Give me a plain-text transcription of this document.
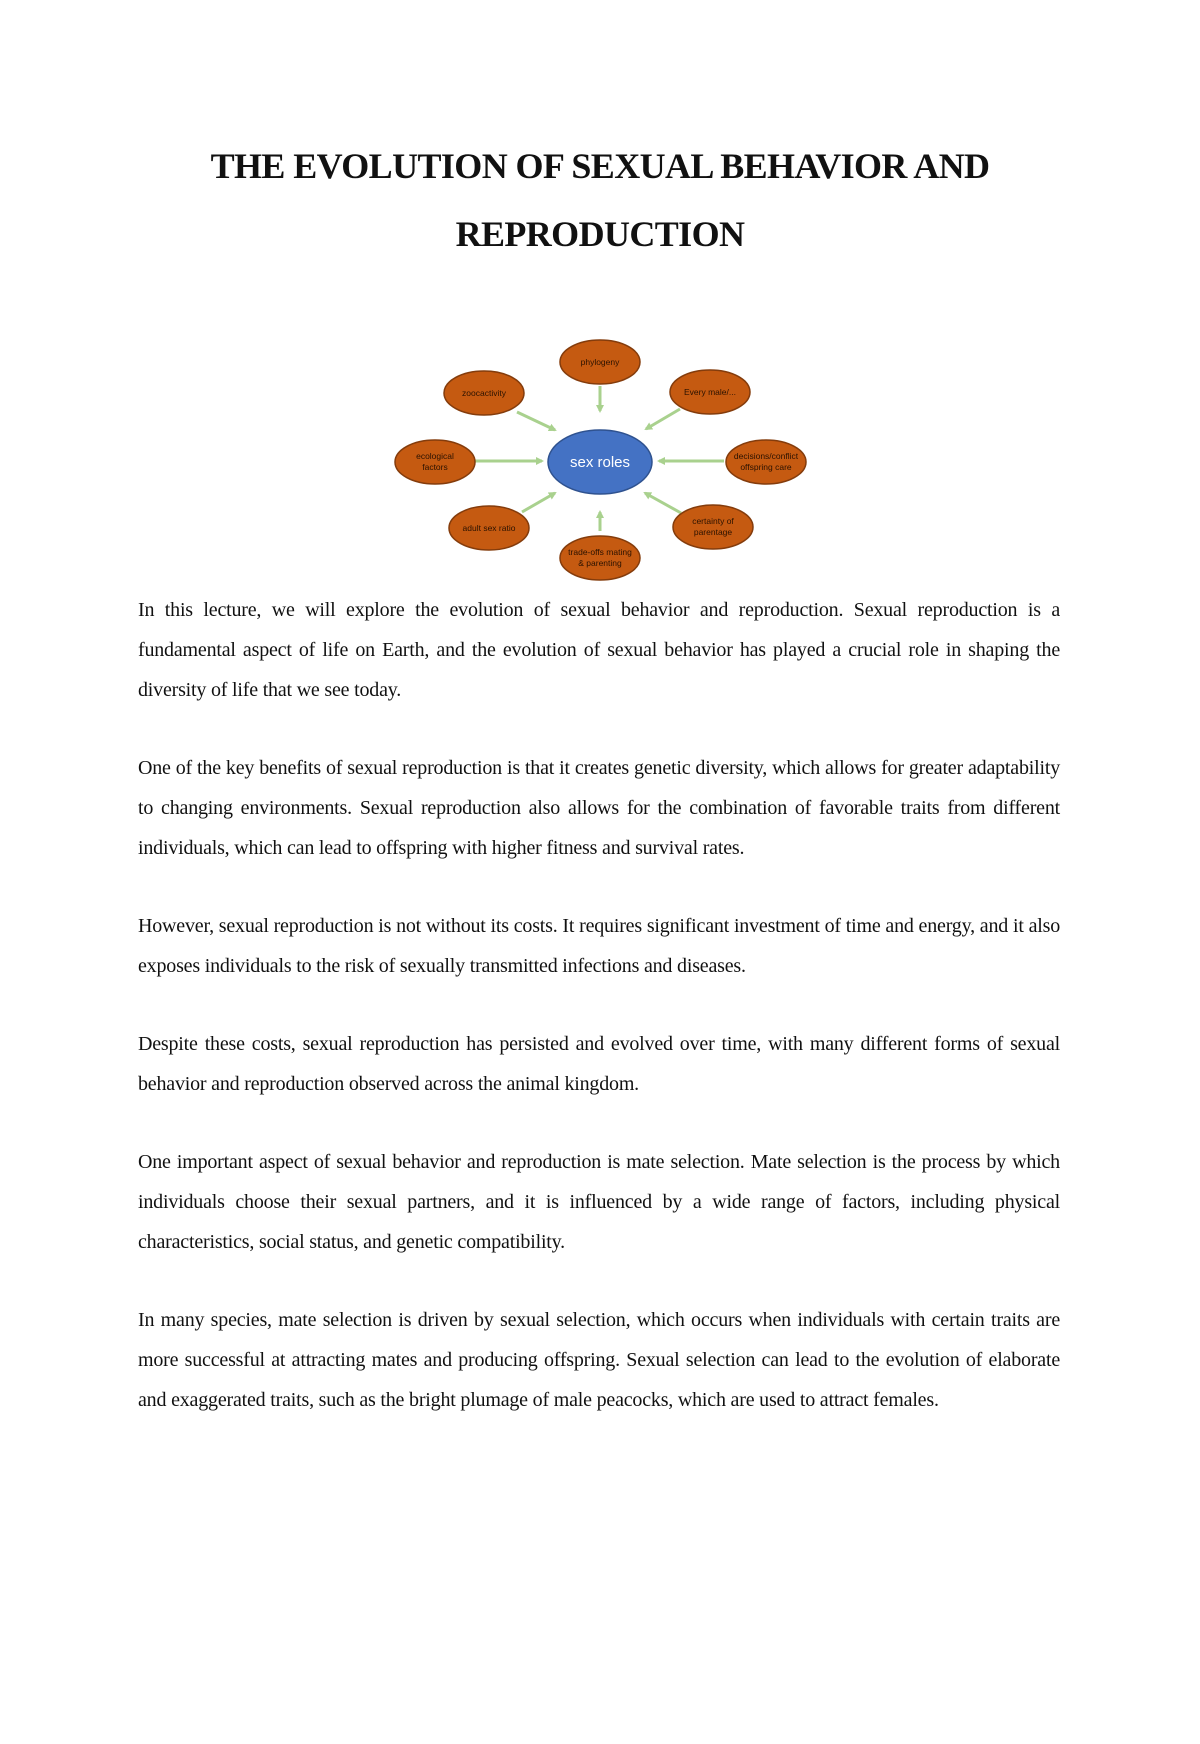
THE EVOLUTION OF SEXUAL BEHAVIOR AND REPRODUCTION
phylogeny
Every male/...
decisions/conflict
offspring care
certainty of
parentage
trade-offs mating
& parenting
adult sex ratio
ecological
factors
zoocactivity
sex roles

In this lecture, we will explore the evolution of sexual behavior and reproduction. Sexual reproduction is a fundamental aspect of life on Earth, and the evolution of sexual behavior has played a crucial role in shaping the diversity of life that we see today.

One of the key benefits of sexual reproduction is that it creates genetic diversity, which allows for greater adaptability to changing environments. Sexual reproduction also allows for the combination of favorable traits from different individuals, which can lead to offspring with higher fitness and survival rates.

However, sexual reproduction is not without its costs. It requires significant investment of time and energy, and it also exposes individuals to the risk of sexually transmitted infections and diseases.

Despite these costs, sexual reproduction has persisted and evolved over time, with many different forms of sexual behavior and reproduction observed across the animal kingdom.

One important aspect of sexual behavior and reproduction is mate selection. Mate selection is the process by which individuals choose their sexual partners, and it is influenced by a wide range of factors, including physical characteristics, social status, and genetic compatibility.

In many species, mate selection is driven by sexual selection, which occurs when individuals with certain traits are more successful at attracting mates and producing offspring. Sexual selection can lead to the evolution of elaborate and exaggerated traits, such as the bright plumage of male peacocks, which are used to attract females.
